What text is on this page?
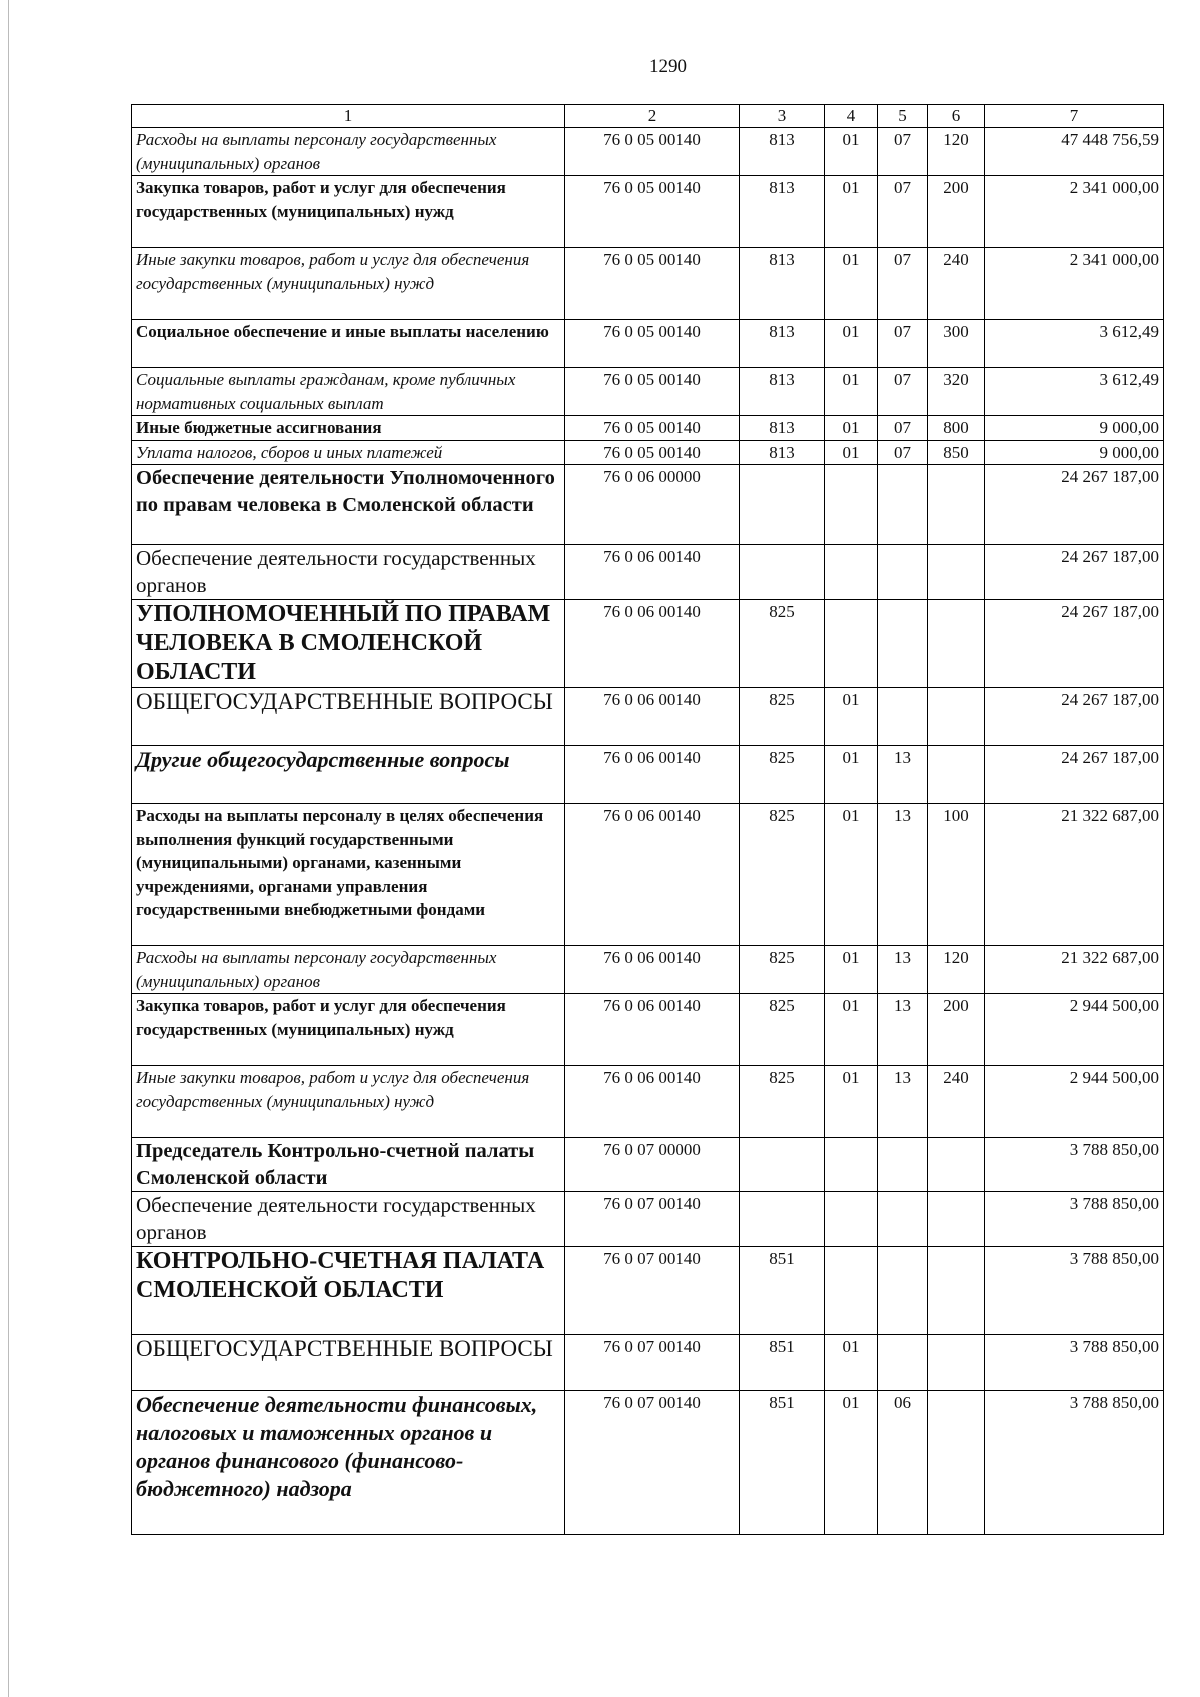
1290
1	2	3	4	5	6	7
Расходы на выплаты персоналу государственных (муниципальных) органов	76 0 05 00140	813	01	07	120	47 448 756,59
Закупка товаров, работ и услуг для обеспечения государственных (муниципальных) нужд	76 0 05 00140	813	01	07	200	2 341 000,00
Иные закупки товаров, работ и услуг для обеспечения государственных (муниципальных) нужд	76 0 05 00140	813	01	07	240	2 341 000,00
Социальное обеспечение и иные выплаты населению	76 0 05 00140	813	01	07	300	3 612,49
Социальные выплаты гражданам, кроме публичных нормативных социальных выплат	76 0 05 00140	813	01	07	320	3 612,49
Иные бюджетные ассигнования	76 0 05 00140	813	01	07	800	9 000,00
Уплата налогов, сборов и иных платежей	76 0 05 00140	813	01	07	850	9 000,00
Обеспечение деятельности Уполномоченного по правам человека в Смоленской области	76 0 06 00000					24 267 187,00
Обеспечение деятельности государственных органов	76 0 06 00140					24 267 187,00
УПОЛНОМОЧЕННЫЙ ПО ПРАВАМ ЧЕЛОВЕКА В СМОЛЕНСКОЙ ОБЛАСТИ	76 0 06 00140	825				24 267 187,00
ОБЩЕГОСУДАРСТВЕННЫЕ ВОПРОСЫ	76 0 06 00140	825	01			24 267 187,00
Другие общегосударственные вопросы	76 0 06 00140	825	01	13		24 267 187,00
Расходы на выплаты персоналу в целях обеспечения выполнения функций государственными (муниципальными) органами, казенными учреждениями, органами управления государственными внебюджетными фондами	76 0 06 00140	825	01	13	100	21 322 687,00
Расходы на выплаты персоналу государственных (муниципальных) органов	76 0 06 00140	825	01	13	120	21 322 687,00
Закупка товаров, работ и услуг для обеспечения государственных (муниципальных) нужд	76 0 06 00140	825	01	13	200	2 944 500,00
Иные закупки товаров, работ и услуг для обеспечения государственных (муниципальных) нужд	76 0 06 00140	825	01	13	240	2 944 500,00
Председатель Контрольно-счетной палаты Смоленской области	76 0 07 00000					3 788 850,00
Обеспечение деятельности государственных органов	76 0 07 00140					3 788 850,00
КОНТРОЛЬНО-СЧЕТНАЯ ПАЛАТА СМОЛЕНСКОЙ ОБЛАСТИ	76 0 07 00140	851				3 788 850,00
ОБЩЕГОСУДАРСТВЕННЫЕ ВОПРОСЫ	76 0 07 00140	851	01			3 788 850,00
Обеспечение деятельности финансовых, налоговых и таможенных органов и органов финансового (финансово-бюджетного) надзора	76 0 07 00140	851	01	06		3 788 850,00
